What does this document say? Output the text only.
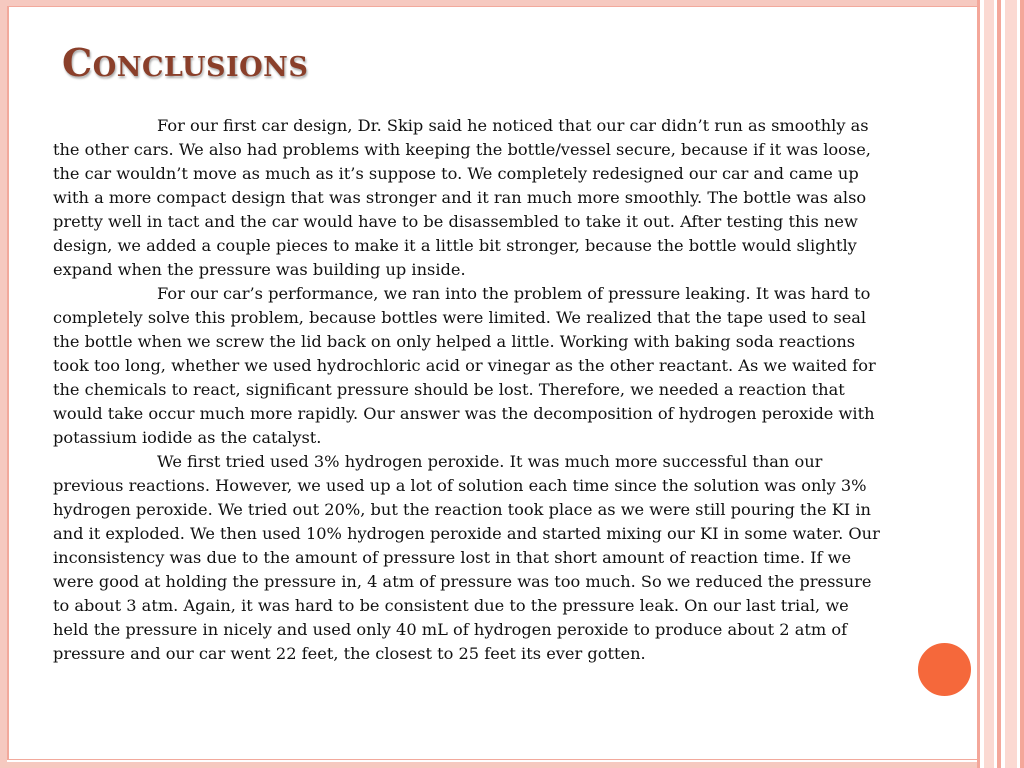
Conclusions

For our first car design, Dr. Skip said he noticed that our car didn’t run as smoothly as the other cars. We also had problems with keeping the bottle/vessel secure, because if it was loose, the car wouldn’t move as much as it’s suppose to. We completely redesigned our car and came up with a more compact design that was stronger and it ran much more smoothly. The bottle was also pretty well in tact and the car would have to be disassembled to take it out. After testing this new design, we added a couple pieces to make it a little bit stronger, because the bottle would slightly expand when the pressure was building up inside.

For our car’s performance, we ran into the problem of pressure leaking. It was hard to completely solve this problem, because bottles were limited. We realized that the tape used to seal the bottle when we screw the lid back on only helped a little. Working with baking soda reactions took too long, whether we used hydrochloric acid or vinegar as the other reactant. As we waited for the chemicals to react, significant pressure should be lost. Therefore, we needed a reaction that would take occur much more rapidly. Our answer was the decomposition of hydrogen peroxide with potassium iodide as the catalyst.

We first tried used 3% hydrogen peroxide. It was much more successful than our previous reactions. However, we used up a lot of solution each time since the solution was only 3% hydrogen peroxide. We tried out 20%, but the reaction took place as we were still pouring the KI in and it exploded. We then used 10% hydrogen peroxide and started mixing our KI in some water. Our inconsistency was due to the amount of pressure lost in that short amount of reaction time. If we were good at holding the pressure in, 4 atm of pressure was too much. So we reduced the pressure to about 3 atm. Again, it was hard to be consistent due to the pressure leak. On our last trial, we held the pressure in nicely and used only 40 mL of hydrogen peroxide to produce about 2 atm of pressure and our car went 22 feet, the closest to 25 feet its ever gotten.
